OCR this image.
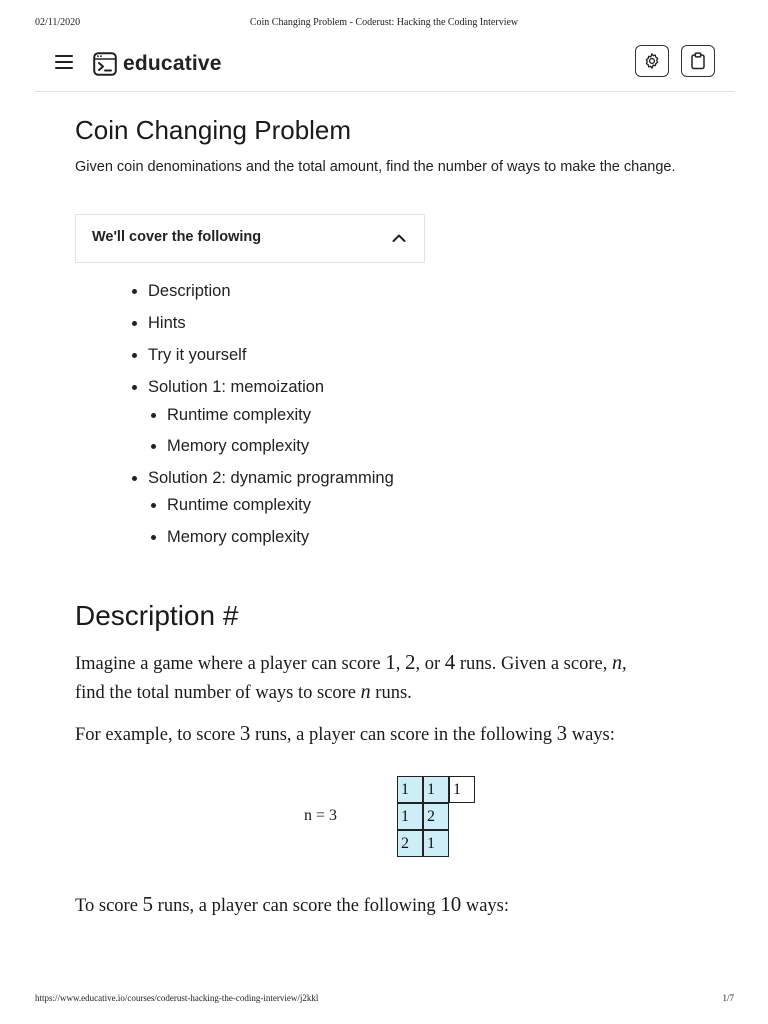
02/11/2020	Coin Changing Problem - Coderust: Hacking the Coding Interview
educative
Coin Changing Problem

Given coin denominations and the total amount, find the number of ways to make the change.

We'll cover the following
Description
Hints
Try it yourself
Solution 1: memoization
Runtime complexity
Memory complexity
Solution 2: dynamic programming
Runtime complexity
Memory complexity
Description #

Imagine a game where a player can score 1, 2, or 4 runs. Given a score, n,
find the total number of ways to score n runs.

For example, to score 3 runs, a player can score in the following 3 ways:

n = 3
1	1	1
1	2
2	1

To score 5 runs, a player can score the following 10 ways:

https://www.educative.io/courses/coderust-hacking-the-coding-interview/j2kkl	1/7
